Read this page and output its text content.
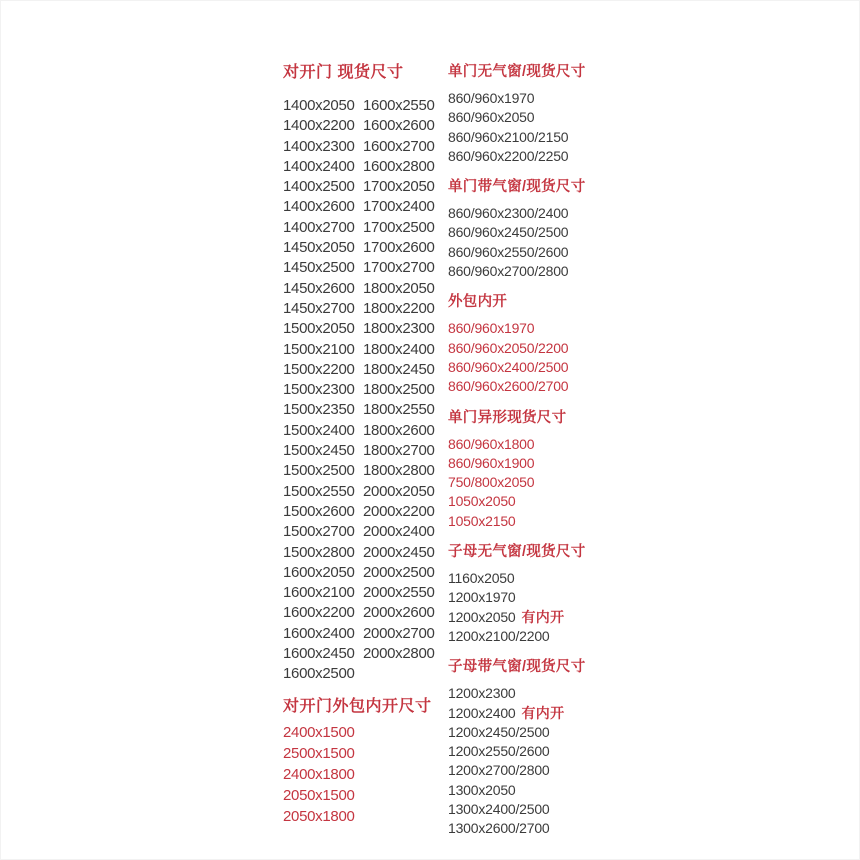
对开门 现货尺寸
1400x2050 1600x2550
1400x2200 1600x2600
1400x2300 1600x2700
1400x2400 1600x2800
1400x2500 1700x2050
1400x2600 1700x2400
1400x2700 1700x2500
1450x2050 1700x2600
1450x2500 1700x2700
1450x2600 1800x2050
1450x2700 1800x2200
1500x2050 1800x2300
1500x2100 1800x2400
1500x2200 1800x2450
1500x2300 1800x2500
1500x2350 1800x2550
1500x2400 1800x2600
1500x2450 1800x2700
1500x2500 1800x2800
1500x2550 2000x2050
1500x2600 2000x2200
1500x2700 2000x2400
1500x2800 2000x2450
1600x2050 2000x2500
1600x2100 2000x2550
1600x2200 2000x2600
1600x2400 2000x2700
1600x2450 2000x2800
1600x2500
对开门外包内开尺寸
2400x1500
2500x1500
2400x1800
2050x1500
2050x1800
单门无气窗/现货尺寸
860/960x1970
860/960x2050
860/960x2100/2150
860/960x2200/2250
单门带气窗/现货尺寸
860/960x2300/2400
860/960x2450/2500
860/960x2550/2600
860/960x2700/2800
外包内开
860/960x1970
860/960x2050/2200
860/960x2400/2500
860/960x2600/2700
单门异形现货尺寸
860/960x1800
860/960x1900
750/800x2050
1050x2050
1050x2150
子母无气窗/现货尺寸
1160x2050
1200x1970
1200x2050 有内开
1200x2100/2200
子母带气窗/现货尺寸
1200x2300
1200x2400 有内开
1200x2450/2500
1200x2550/2600
1200x2700/2800
1300x2050
1300x2400/2500
1300x2600/2700
